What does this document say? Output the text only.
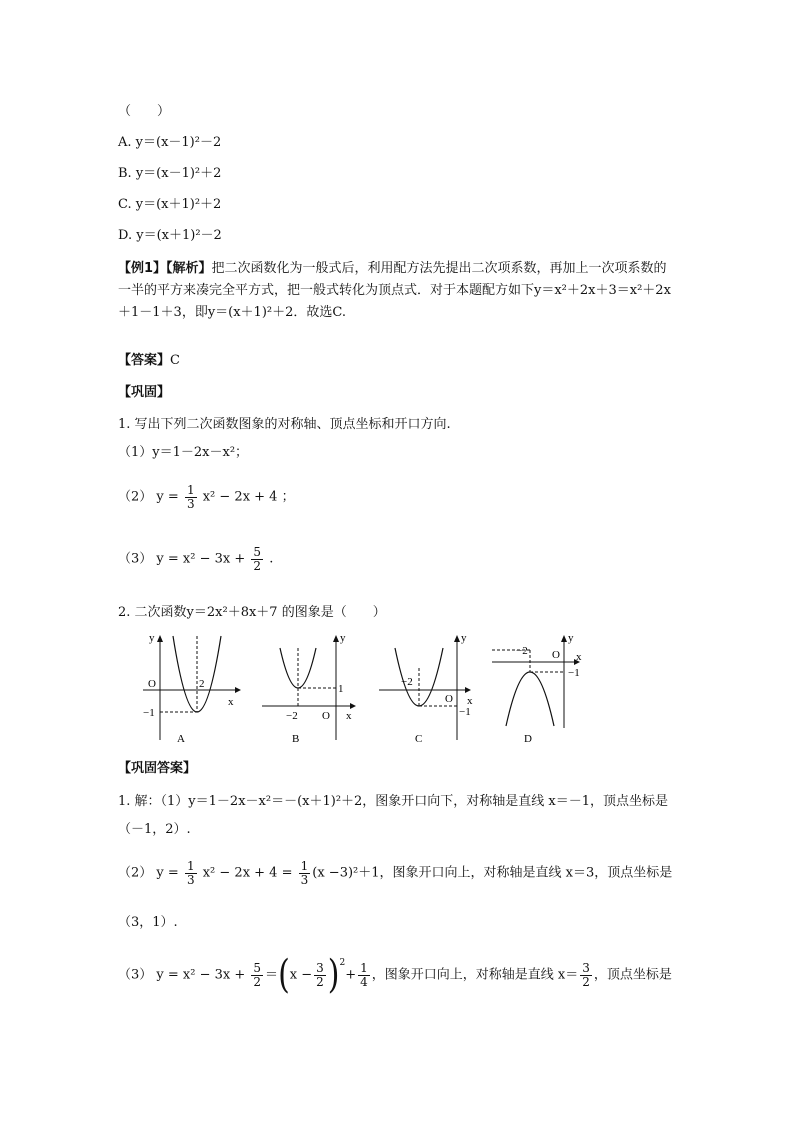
（　　）
A. y＝(x－1)²－2
B. y＝(x－1)²＋2
C. y＝(x＋1)²＋2
D. y＝(x＋1)²－2
【例1】【解析】把二次函数化为一般式后，利用配方法先提出二次项系数，再加上一次项系数的一半的平方来凑完全平方式，把一般式转化为顶点式．对于本题配方如下y＝x²＋2x＋3＝x²＋2x＋1－1＋3，即y＝(x＋1)²＋2．故选C.
【答案】C
【巩固】
1. 写出下列二次函数图象的对称轴、顶点坐标和开口方向.
（1）y＝1－2x－x²；
（2） $y = \frac{1}{3} x^2 - 2x + 4$ ；
（3） $y = x^2 - 3x + \frac{5}{2}$ .
2. 二次函数y＝2x²＋8x＋7 的图象是（　　）
y
O	2
x
−1
A
y
1
−2 O x
B
y
−2
O x
−1
C
y
−2 O x
−1
D
【巩固答案】
1. 解：（1）y＝1－2x－x²＝－(x＋1)²＋2，图象开口向下，对称轴是直线 x＝－1，顶点坐标是（－1，2）.
（2） $y = \frac{1}{3} x^2 - 2x + 4 = \frac{1}{3} (x -3)^2+1$，图象开口向上，对称轴是直线 x＝3，顶点坐标是
（3，1）.
（3） $y = x^2 - 3x + \frac{5}{2} =(x - \frac{3}{2} )^2+ \frac{1}{4}$ ，图象开口向上，对称轴是直线 $x= \frac{3}{2}$ ，顶点坐标是
